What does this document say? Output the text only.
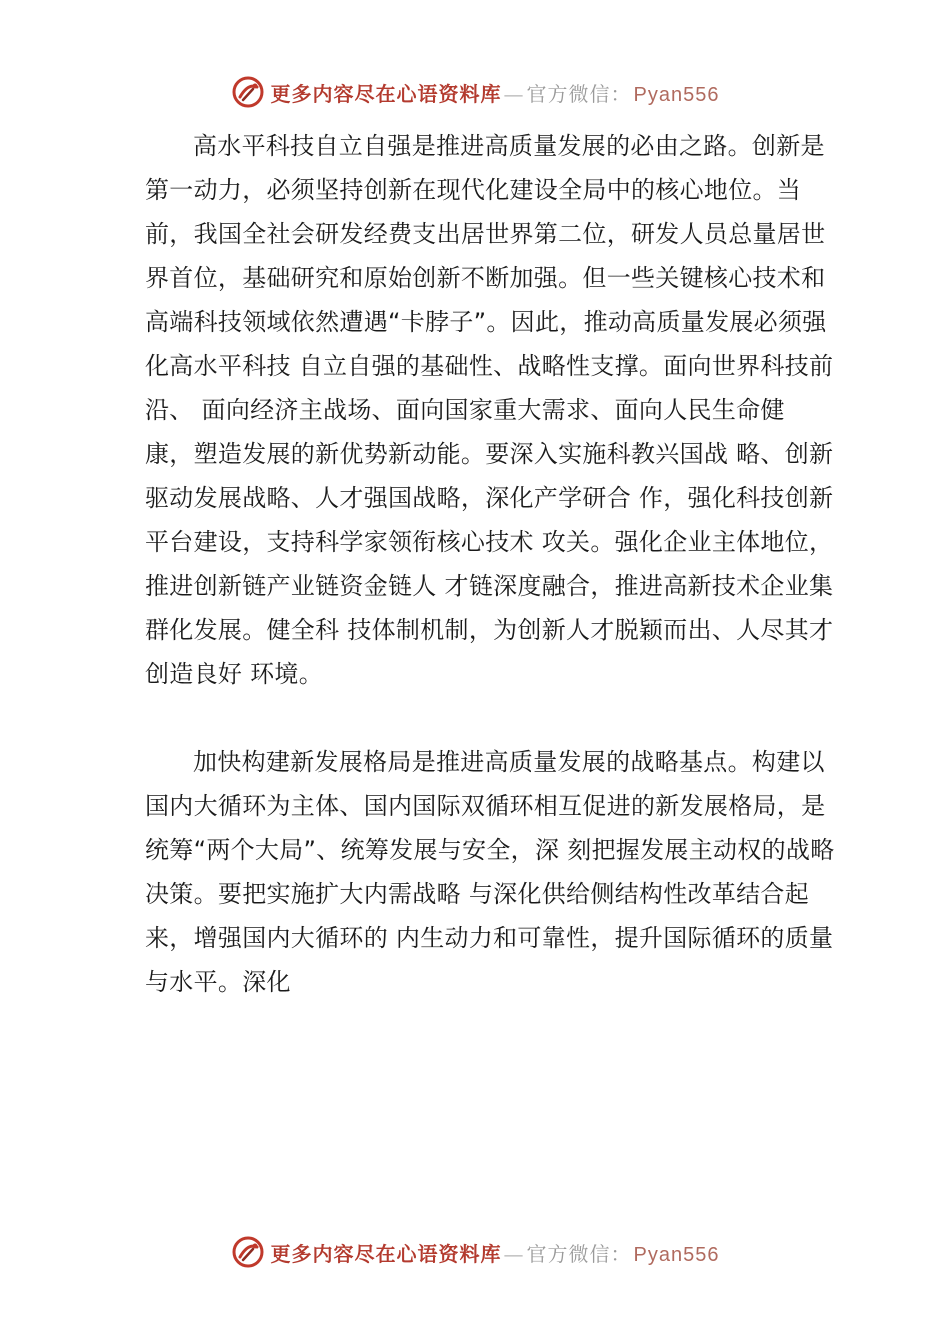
更多内容尽在心语资料库 — 官方微信： Pyan556

高水平科技自立自强是推进高质量发展的必由之路。创新是第一动力，必须坚持创新在现代化建设全局中的核心地位。当前，我国全社会研发经费支出居世界第二位，研发人员总量居世界首位，基础研究和原始创新不断加强。但一些关键核心技术和高端科技领域依然遭遇“卡脖子”。因此，推动高质量发展必须强化高水平科技 自立自强的基础性、战略性支撑。面向世界科技前沿、 面向经济主战场、面向国家重大需求、面向人民生命健 康，塑造发展的新优势新动能。要深入实施科教兴国战 略、创新驱动发展战略、人才强国战略，深化产学研合 作，强化科技创新平台建设，支持科学家领衔核心技术 攻关。强化企业主体地位，推进创新链产业链资金链人 才链深度融合，推进高新技术企业集群化发展。健全科 技体制机制，为创新人才脱颖而出、人尽其才创造良好 环境。

加快构建新发展格局是推进高质量发展的战略基点。构建以国内大循环为主体、国内国际双循环相互促进的新发展格局，是统筹“两个大局”、统筹发展与安全，深 刻把握发展主动权的战略决策。要把实施扩大内需战略 与深化供给侧结构性改革结合起来，增强国内大循环的 内生动力和可靠性，提升国际循环的质量与水平。深化

更多内容尽在心语资料库 — 官方微信： Pyan556
